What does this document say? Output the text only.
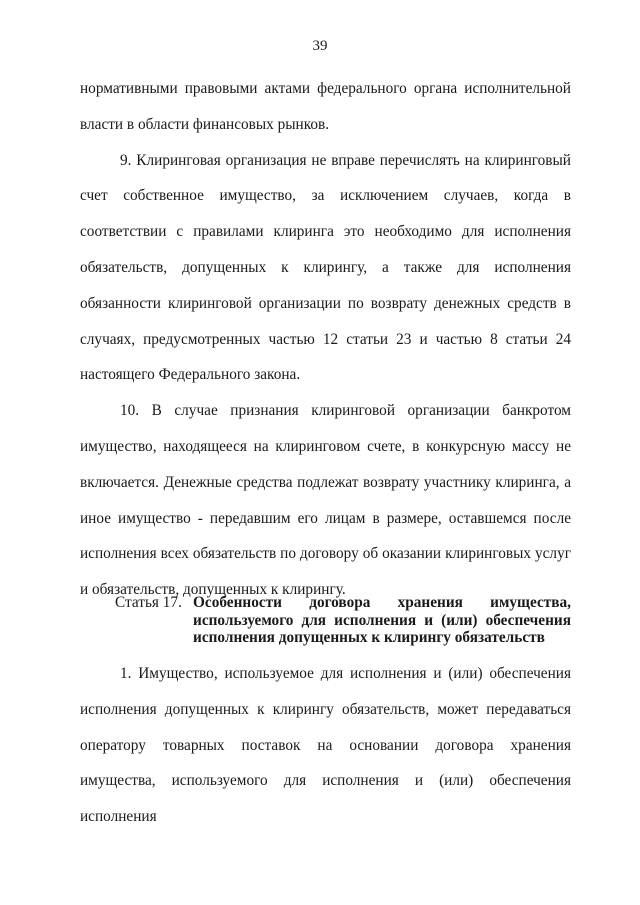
39

нормативными правовыми актами федерального органа исполнительной власти в области финансовых рынков.

9. Клиринговая организация не вправе перечислять на клиринговый счет собственное имущество, за исключением случаев, когда в соответствии с правилами клиринга это необходимо для исполнения обязательств, допущенных к клирингу, а также для исполнения обязанности клиринговой организации по возврату денежных средств в случаях, предусмотренных частью 12 статьи 23 и частью 8 статьи 24 настоящего Федерального закона.

10. В случае признания клиринговой организации банкротом имущество, находящееся на клиринговом счете, в конкурсную массу не включается. Денежные средства подлежат возврату участнику клиринга, а иное имущество - передавшим его лицам в размере, оставшемся после исполнения всех обязательств по договору об оказании клиринговых услуг и обязательств, допущенных к клирингу.

Статья 17. Особенности договора хранения имущества, используемого для исполнения и (или) обеспечения исполнения допущенных к клирингу обязательств

1. Имущество, используемое для исполнения и (или) обеспечения исполнения допущенных к клирингу обязательств, может передаваться оператору товарных поставок на основании договора хранения имущества, используемого для исполнения и (или) обеспечения исполнения
